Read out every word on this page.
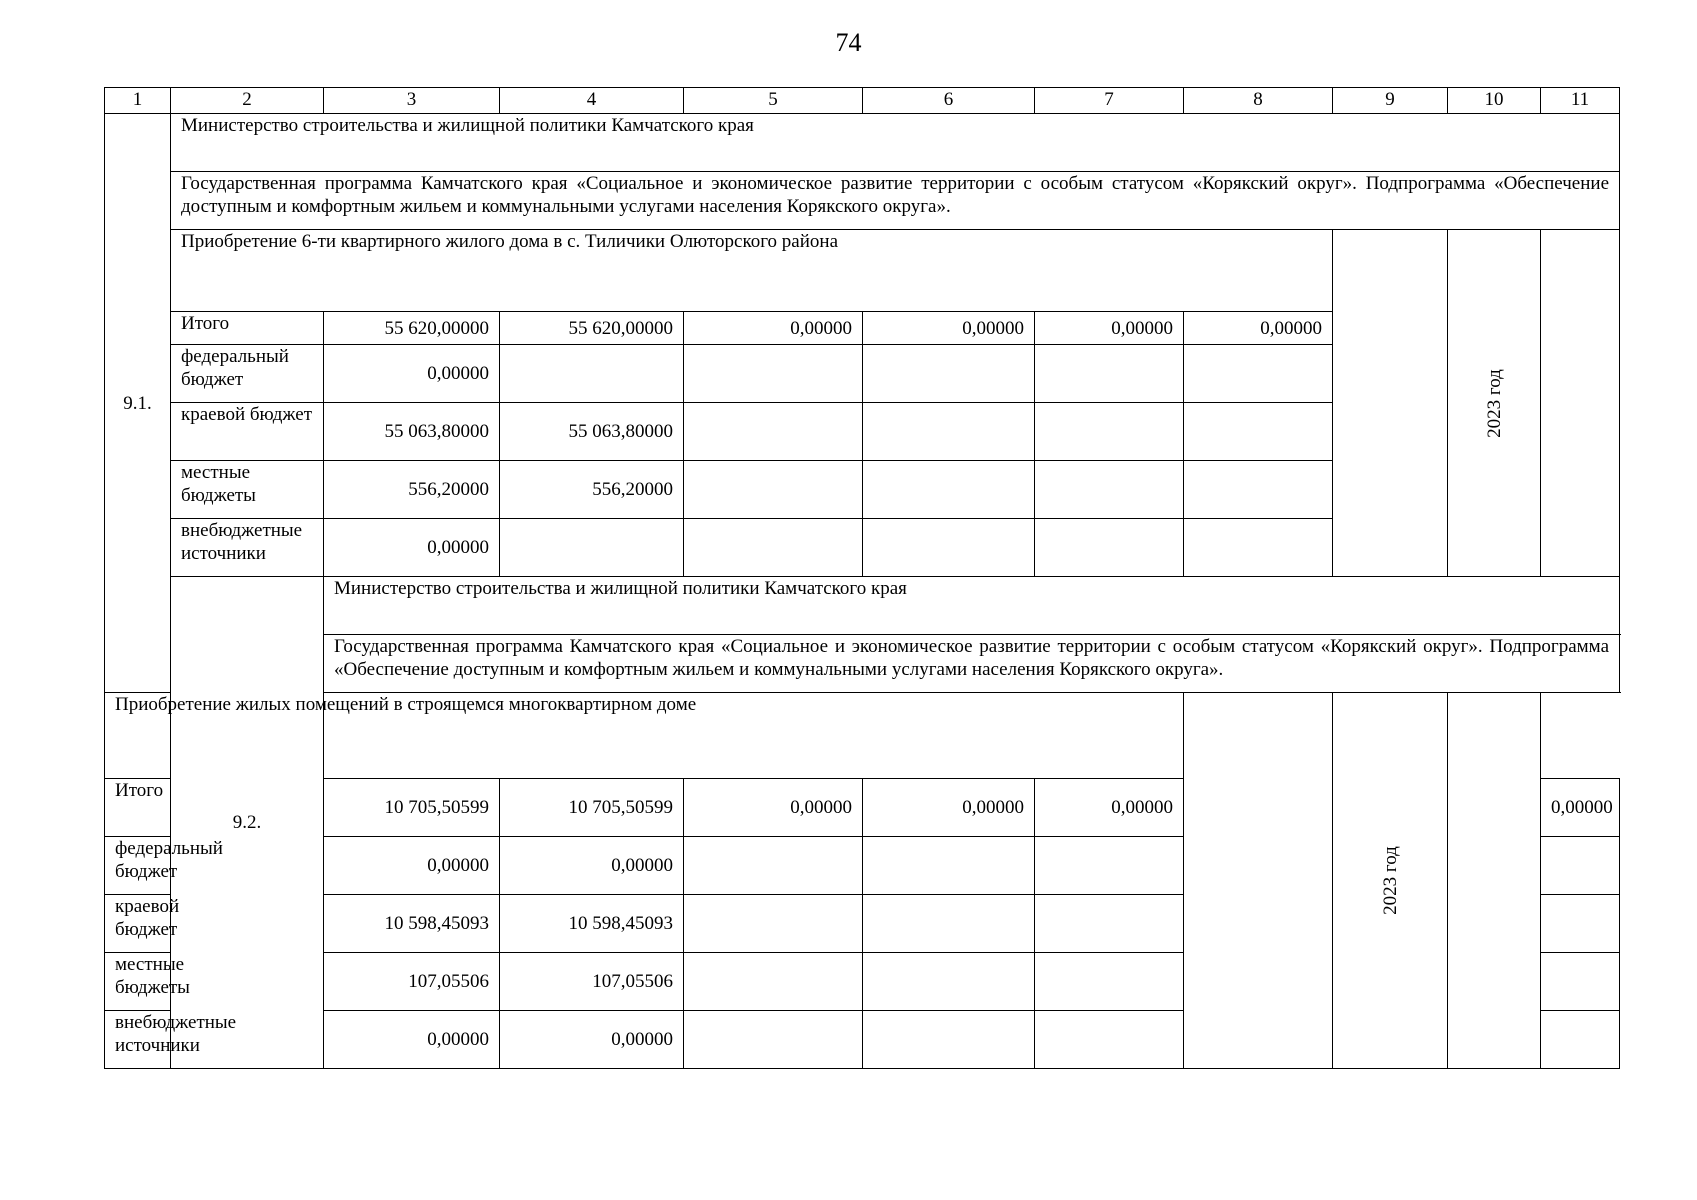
74
1	2	3	4	5	6	7	8	9	10	11
9.1.	Министерство строительства и жилищной политики Камчатского края									
	Государственная программа Камчатского края «Социальное и экономическое развитие территории с особым статусом «Корякский округ». Подпрограмма «Обеспечение доступным и комфортным жильем и коммунальными услугами населения Корякского округа».									
	Приобретение 6-ти квартирного жилого дома в с. Тиличики Олюторского района								2023 год	
	Итого	55 620,00000	55 620,00000	0,00000	0,00000	0,00000	0,00000			
	федеральный бюджет	0,00000								
	краевой бюджет	55 063,80000	55 063,80000							
	местные бюджеты	556,20000	556,20000							
	внебюджетные источники	0,00000								
	9.2.	Министерство строительства и жилищной политики Камчатского края								
		Государственная программа Камчатского края «Социальное и экономическое развитие территории с особым статусом «Корякский округ». Подпрограмма «Обеспечение доступным и комфортным жильем и коммунальными услугами населения Корякского округа».								
Приобретение жилых помещений в строящемся многоквартирном доме								2023 год		
Итого		10 705,50599	10 705,50599	0,00000	0,00000	0,00000				0,00000
федеральный бюджет		0,00000	0,00000							
краевой бюджет		10 598,45093	10 598,45093							
местные бюджеты		107,05506	107,05506							
внебюджетные источники		0,00000	0,00000							
